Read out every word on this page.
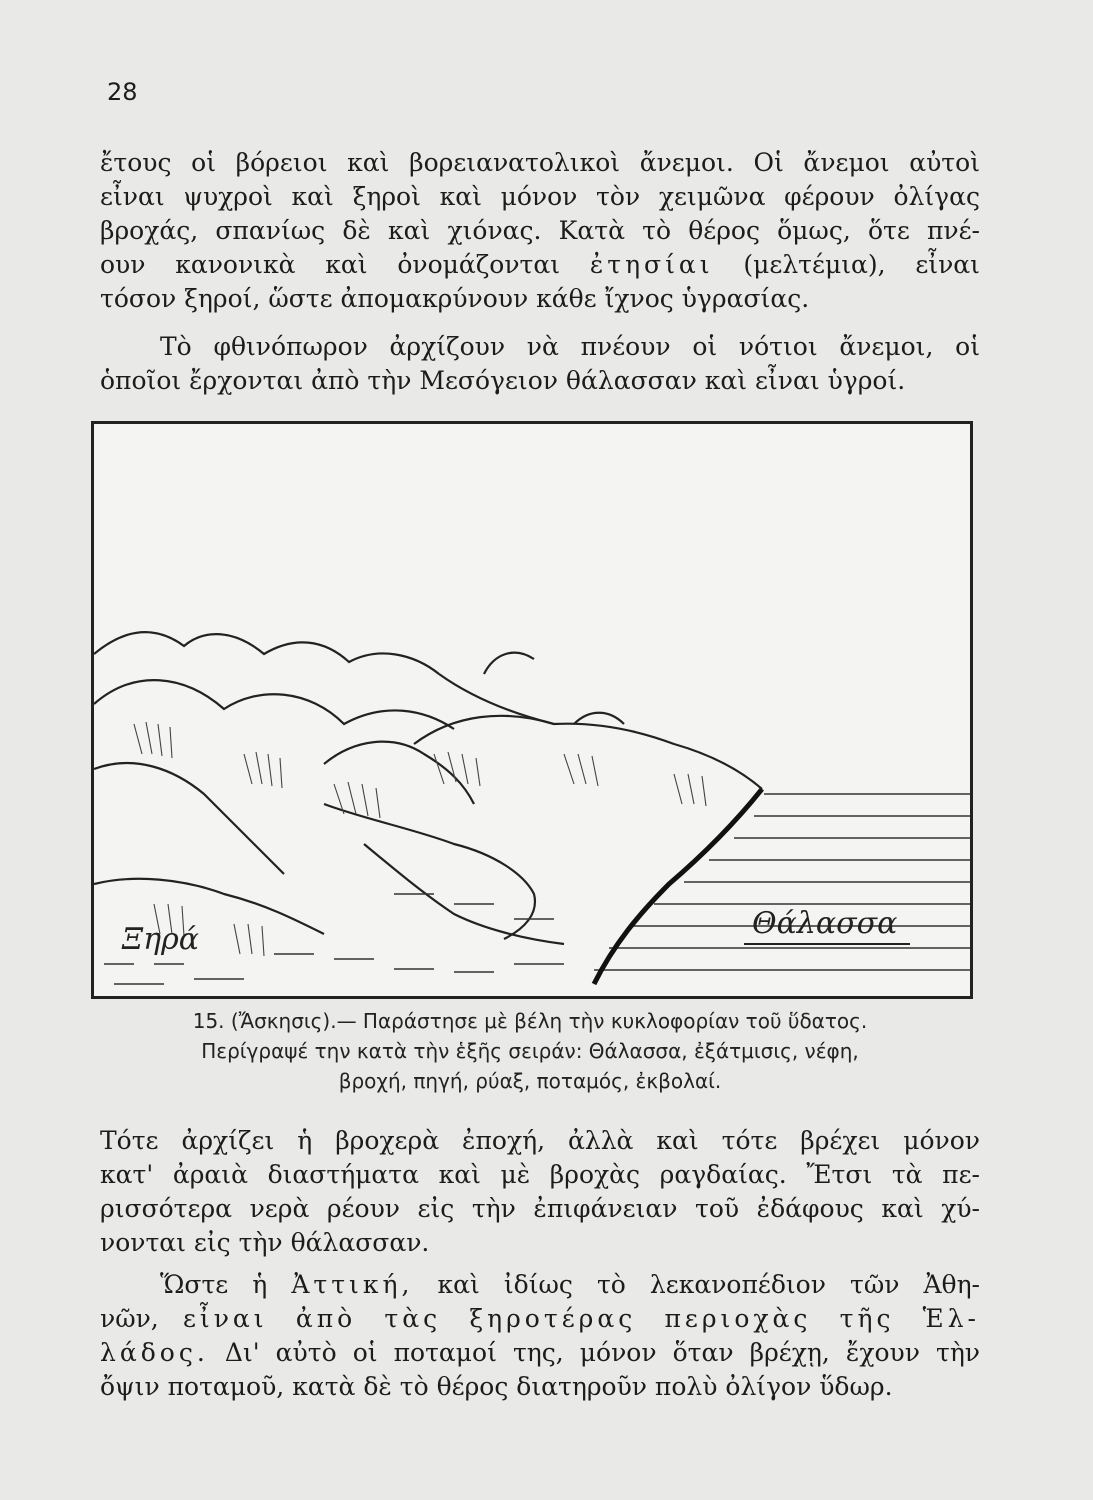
28
ἔτους οἱ βόρειοι καὶ βορειανατολικοὶ ἄνεμοι. Οἱ ἄνεμοι αὐτοὶ
εἶναι ψυχροὶ καὶ ξηροὶ καὶ μόνον τὸν χειμῶνα φέρουν ὀλίγας
βροχάς, σπανίως δὲ καὶ χιόνας. Κατὰ τὸ θέρος ὅμως, ὅτε πνέ-
ουν κανονικὰ καὶ ὀνομάζονται ἐτησίαι (μελτέμια), εἶναι
τόσον ξηροί, ὥστε ἀπομακρύνουν κάθε ἴχνος ὑγρασίας.
Τὸ φθινόπωρον ἀρχίζουν νὰ πνέουν οἱ νότιοι ἄνεμοι, οἱ
ὁποῖοι ἔρχονται ἀπὸ τὴν Μεσόγειον θάλασσαν καὶ εἶναι ὑγροί.
Ξηρά	Θάλασσα
15. (Ἄσκησις).— Παράστησε μὲ βέλη τὴν κυκλοφορίαν τοῦ ὕδατος.
Περίγραψέ την κατὰ τὴν ἑξῆς σειράν: Θάλασσα, ἐξάτμισις, νέφη,
βροχή, πηγή, ρύαξ, ποταμός, ἐκβολαί.
Τότε ἀρχίζει ἡ βροχερὰ ἐποχή, ἀλλὰ καὶ τότε βρέχει μόνον
κατ' ἀραιὰ διαστήματα καὶ μὲ βροχὰς ραγδαίας. Ἔτσι τὰ πε-
ρισσότερα νερὰ ρέουν εἰς τὴν ἐπιφάνειαν τοῦ ἐδάφους καὶ χύ-
νονται εἰς τὴν θάλασσαν.
Ὥστε ἡ Ἀττική, καὶ ἰδίως τὸ λεκανοπέδιον τῶν Ἀθη-
νῶν, εἶναι ἀπὸ τὰς ξηροτέρας περιοχὰς τῆς Ἑλ-
λάδος. Δι' αὐτὸ οἱ ποταμοί της, μόνον ὅταν βρέχῃ, ἔχουν τὴν
ὄψιν ποταμοῦ, κατὰ δὲ τὸ θέρος διατηροῦν πολὺ ὀλίγον ὕδωρ.
